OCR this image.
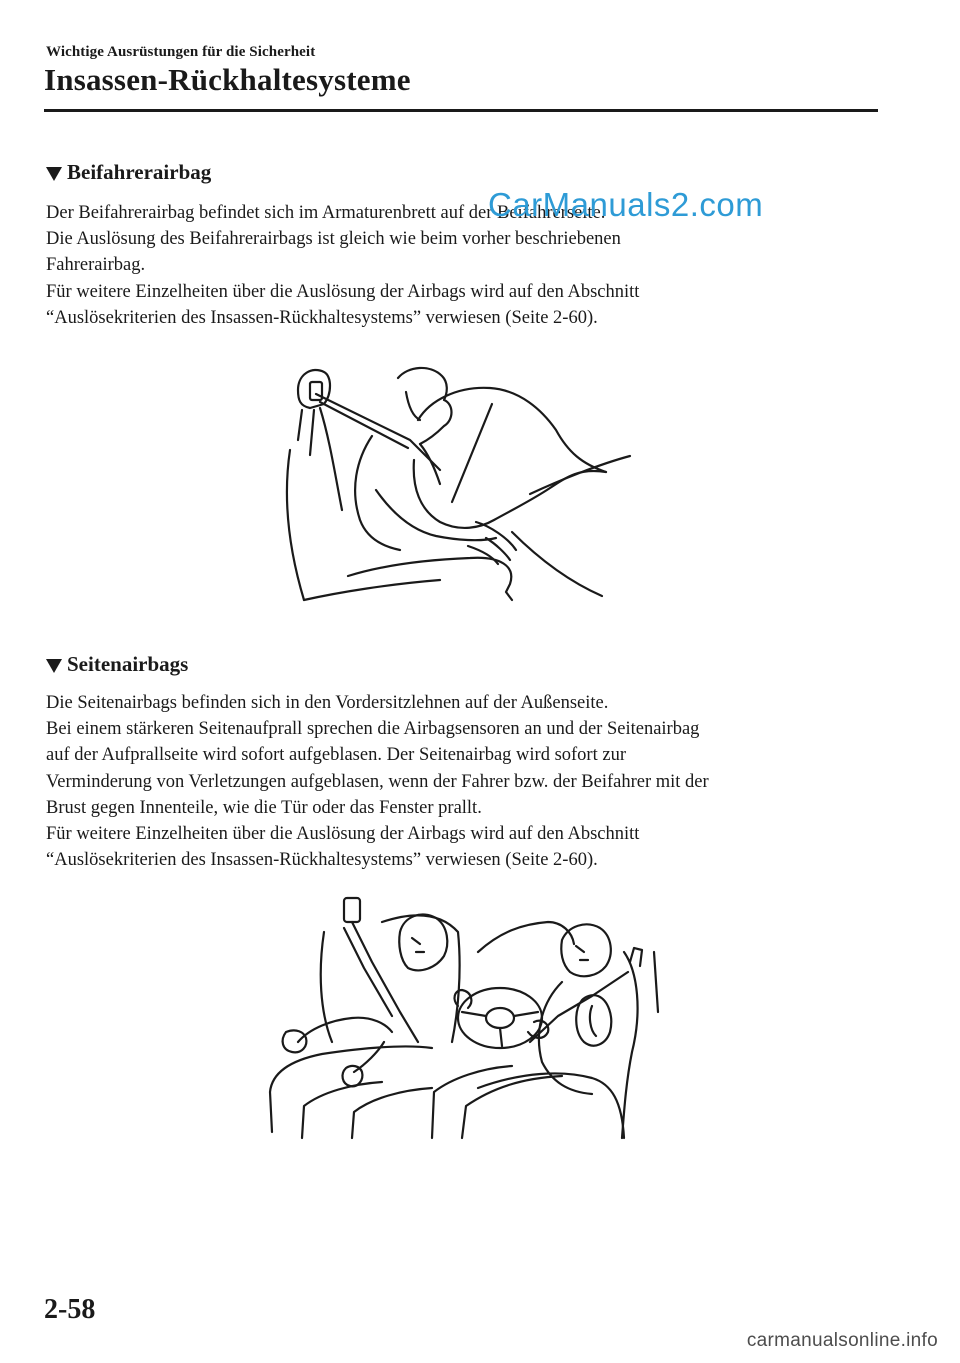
Wichtige Ausrüstungen für die Sicherheit
Insassen-Rückhaltesysteme
Beifahrerairbag
Der Beifahrerairbag befindet sich im Armaturenbrett auf der Beifahrerseite.
Die Auslösung des Beifahrerairbags ist gleich wie beim vorher beschriebenen
Fahrerairbag.
Für weitere Einzelheiten über die Auslösung der Airbags wird auf den Abschnitt
“Auslösekriterien des Insassen-Rückhaltesystems” verwiesen (Seite 2-60).
CarManuals2.com
Seitenairbags
Die Seitenairbags befinden sich in den Vordersitzlehnen auf der Außenseite.
Bei einem stärkeren Seitenaufprall sprechen die Airbagsensoren an und der Seitenairbag
auf der Aufprallseite wird sofort aufgeblasen. Der Seitenairbag wird sofort zur
Verminderung von Verletzungen aufgeblasen, wenn der Fahrer bzw. der Beifahrer mit der
Brust gegen Innenteile, wie die Tür oder das Fenster prallt.
Für weitere Einzelheiten über die Auslösung der Airbags wird auf den Abschnitt
“Auslösekriterien des Insassen-Rückhaltesystems” verwiesen (Seite 2-60).
2-58
carmanualsonline.info
